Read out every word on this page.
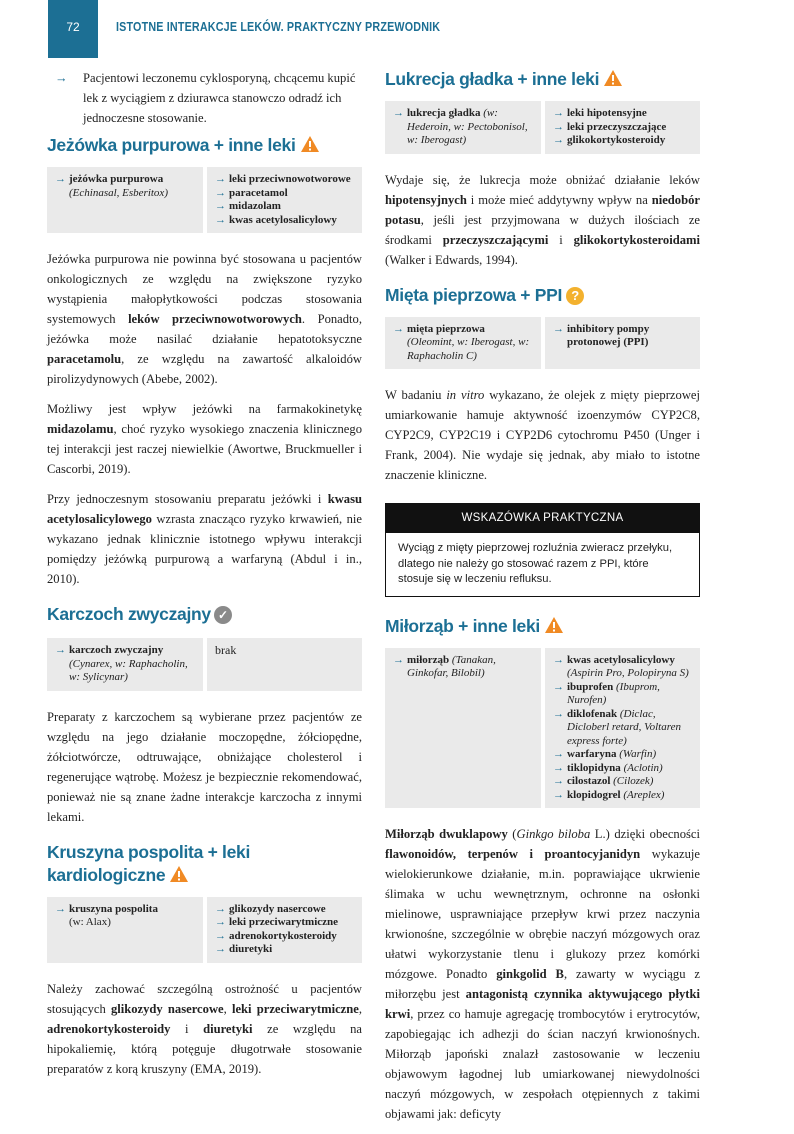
72	ISTOTNE INTERAKCJE LEKÓW. PRAKTYCZNY PRZEWODNIK
→ Pacjentowi leczonemu cyklosporyną, chcącemu kupić lek z wyciągiem z dziurawca stanowczo odradź ich jednoczesne stosowanie.
Jeżówka purpurowa + inne leki
→ jeżówka purpurowa (Echinasal, Esberitox)
→ leki przeciwnowotworowe
→ paracetamol
→ midazolam
→ kwas acetylosalicylowy

Jeżówka purpurowa nie powinna być stosowana u pacjentów onkologicznych ze względu na zwiększone ryzyko wystąpienia małopłytkowości podczas stosowania systemowych leków przeciwnowotworowych. Ponadto, jeżówka może nasilać działanie hepatotoksyczne paracetamolu, ze względu na zawartość alkaloidów pirolizydynowych (Abebe, 2002).

Możliwy jest wpływ jeżówki na farmakokinetykę midazolamu, choć ryzyko wysokiego znaczenia klinicznego tej interakcji jest raczej niewielkie (Awortwe, Bruckmueller i Cascorbi, 2019).

Przy jednoczesnym stosowaniu preparatu jeżówki i kwasu acetylosalicylowego wzrasta znacząco ryzyko krwawień, nie wykazano jednak klinicznie istotnego wpływu interakcji pomiędzy jeżówką purpurową a warfaryną (Abdul i in., 2010).

Karczoch zwyczajny ✓
→ karczoch zwyczajny
(Cynarex, w: Raphacholin, w: Sylicynar)
brak

Preparaty z karczochem są wybierane przez pacjentów ze względu na jego działanie moczopędne, żółciopędne, żółciotwórcze, odtruwające, obniżające cholesterol i regenerujące wątrobę. Możesz je bezpiecznie rekomendować, ponieważ nie są znane żadne interakcje karczocha z innymi lekami.

Kruszyna pospolita + leki
kardiologiczne
→ kruszyna pospolita
(w: Alax)
→ glikozydy nasercowe
→ leki przeciwarytmiczne
→ adrenokortykosteroidy
→ diuretyki

Należy zachować szczególną ostrożność u pacjentów stosujących glikozydy nasercowe, leki przeciwarytmiczne, adrenokortykosteroidy i diuretyki ze względu na hipokaliemię, którą potęguje długotrwałe stosowanie preparatów z korą kruszyny (EMA, 2019).

Lukrecja gładka + inne leki
→ lukrecja gładka (w: Hederoin, w: Pectobonisol, w: Iberogast)
→ leki hipotensyjne
→ leki przeczyszczające
→ glikokortykosteroidy

Wydaje się, że lukrecja może obniżać działanie leków hipotensyjnych i może mieć addytywny wpływ na niedobór potasu, jeśli jest przyjmowana w dużych ilościach ze środkami przeczyszczającymi i glikokortykosteroidami (Walker i Edwards, 1994).

Mięta pieprzowa + PPI ?
→ mięta pieprzowa
(Oleomint, w: Iberogast, w: Raphacholin C)
→ inhibitory pompy protonowej (PPI)

W badaniu in vitro wykazano, że olejek z mięty pieprzowej umiarkowanie hamuje aktywność izoenzymów CYP2C8, CYP2C9, CYP2C19 i CYP2D6 cytochromu P450 (Unger i Frank, 2004). Nie wydaje się jednak, aby miało to istotne znaczenie kliniczne.

WSKAZÓWKA PRAKTYCZNA
Wyciąg z mięty pieprzowej rozluźnia zwieracz przełyku, dlatego nie należy go stosować razem z PPI, które stosuje się w leczeniu refluksu.
Miłorząb + inne leki
→ miłorząb (Tanakan, Ginkofar, Bilobil)
→ kwas acetylosalicylowy (Aspirin Pro, Polopiryna S)
→ ibuprofen (Ibuprom, Nurofen)
→ diklofenak (Diclac, Dicloberl retard, Voltaren express forte)
→ warfaryna (Warfin)
→ tiklopidyna (Aclotin)
→ cilostazol (Cilozek)
→ klopidogrel (Areplex)

Miłorząb dwuklapowy (Ginkgo biloba L.) dzięki obecności flawonoidów, terpenów i proantocyjanidyn wykazuje wielokierunkowe działanie, m.in. poprawiające ukrwienie ślimaka w uchu wewnętrznym, ochronne na osłonki mielinowe, usprawniające przepływ krwi przez naczynia krwionośne, szczególnie w obrębie naczyń mózgowych oraz ułatwi wykorzystanie tlenu i glukozy przez komórki mózgowe. Ponadto ginkgolid B, zawarty w wyciągu z miłorzębu jest antagonistą czynnika aktywującego płytki krwi, przez co hamuje agregację trombocytów i erytrocytów, zapobiegając ich adhezji do ścian naczyń krwionośnych. Miłorząb japoński znalazł zastosowanie w leczeniu objawowym łagodnej lub umiarkowanej niewydolności naczyń mózgowych, w zespołach otępiennych z takimi objawami jak: deficyty
